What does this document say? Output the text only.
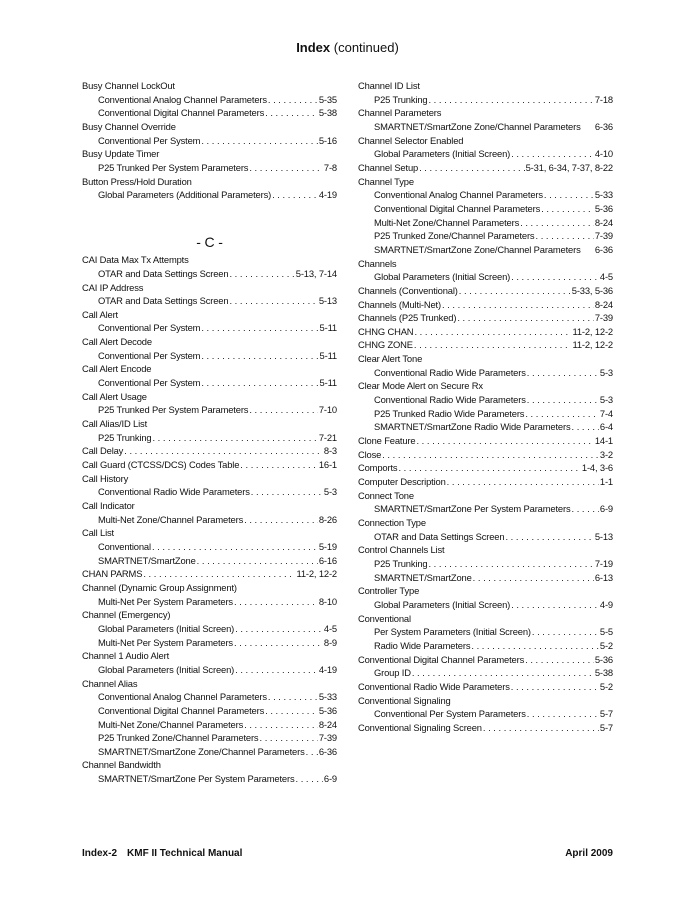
Index (continued)
Busy Channel LockOut
Conventional Analog Channel Parameters . . .	5-35
Conventional Digital Channel Parameters . . .	5-38
Busy Channel Override
Conventional Per System . . .	5-16
Busy Update Timer
P25 Trunked Per System Parameters . . .	7-8
Button Press/Hold Duration
Global Parameters (Additional Parameters) . . .	4-19
- C -
CAI Data Max Tx Attempts
OTAR and Data Settings Screen . . .	5-13, 7-14
CAI IP Address
OTAR and Data Settings Screen . . .	5-13
Call Alert
Conventional Per System . . .	5-11
Call Alert Decode
Conventional Per System . . .	5-11
Call Alert Encode
Conventional Per System . . .	5-11
Call Alert Usage
P25 Trunked Per System Parameters . . .	7-10
Call Alias/ID List
P25 Trunking . . .	7-21
Call Delay . . .	8-3
Call Guard (CTCSS/DCS) Codes Table . . .	16-1
Call History
Conventional Radio Wide Parameters . . .	5-3
Call Indicator
Multi-Net Zone/Channel Parameters . . .	8-26
Call List
Conventional . . .	5-19
SMARTNET/SmartZone . . .	6-16
CHAN PARMS . . .	11-2, 12-2
Channel (Dynamic Group Assignment)
Multi-Net Per System Parameters . . .	8-10
Channel (Emergency)
Global Parameters (Initial Screen) . . .	4-5
Multi-Net Per System Parameters . . .	8-9
Channel 1 Audio Alert
Global Parameters (Initial Screen) . . .	4-19
Channel Alias
Conventional Analog Channel Parameters . . .	5-33
Conventional Digital Channel Parameters . . .	5-36
Multi-Net Zone/Channel Parameters . . .	8-24
P25 Trunked Zone/Channel Parameters . . .	7-39
SMARTNET/SmartZone Zone/Channel Parameters . . . 6-36
Channel Bandwidth
SMARTNET/SmartZone Per System Parameters . . .	6-9
Channel ID List
P25 Trunking . . .	7-18
Channel Parameters
SMARTNET/SmartZone Zone/Channel Parameters 6-36
Channel Selector Enabled
Global Parameters (Initial Screen) . . .	4-10
Channel Setup . . .	5-31, 6-34, 7-37, 8-22
Channel Type
Conventional Analog Channel Parameters . . .	5-33
Conventional Digital Channel Parameters . . .	5-36
Multi-Net Zone/Channel Parameters . . .	8-24
P25 Trunked Zone/Channel Parameters . . .	7-39
SMARTNET/SmartZone Zone/Channel Parameters 6-36
Channels
Global Parameters (Initial Screen) . . .	4-5
Channels (Conventional) . . .	5-33, 5-36
Channels (Multi-Net) . . .	8-24
Channels (P25 Trunked) . . .	7-39
CHNG CHAN . . .	11-2, 12-2
CHNG ZONE . . .	11-2, 12-2
Clear Alert Tone
Conventional Radio Wide Parameters . . .	5-3
Clear Mode Alert on Secure Rx
Conventional Radio Wide Parameters . . .	5-3
P25 Trunked Radio Wide Parameters . . .	7-4
SMARTNET/SmartZone Radio Wide Parameters . . .	6-4
Clone Feature . . .	14-1
Close . . .	3-2
Comports . . .	1-4, 3-6
Computer Description . . .	1-1
Connect Tone
SMARTNET/SmartZone Per System Parameters . . .	6-9
Connection Type
OTAR and Data Settings Screen . . .	5-13
Control Channels List
P25 Trunking . . .	7-19
SMARTNET/SmartZone . . .	6-13
Controller Type
Global Parameters (Initial Screen) . . .	4-9
Conventional
Per System Parameters (Initial Screen) . . .	5-5
Radio Wide Parameters . . .	5-2
Conventional Digital Channel Parameters . . .	5-36
Group ID . . .	5-38
Conventional Radio Wide Parameters . . .	5-2
Conventional Signaling
Conventional Per System Parameters . . .	5-7
Conventional Signaling Screen . . .	5-7
Index-2 KMF II Technical Manual	April 2009
